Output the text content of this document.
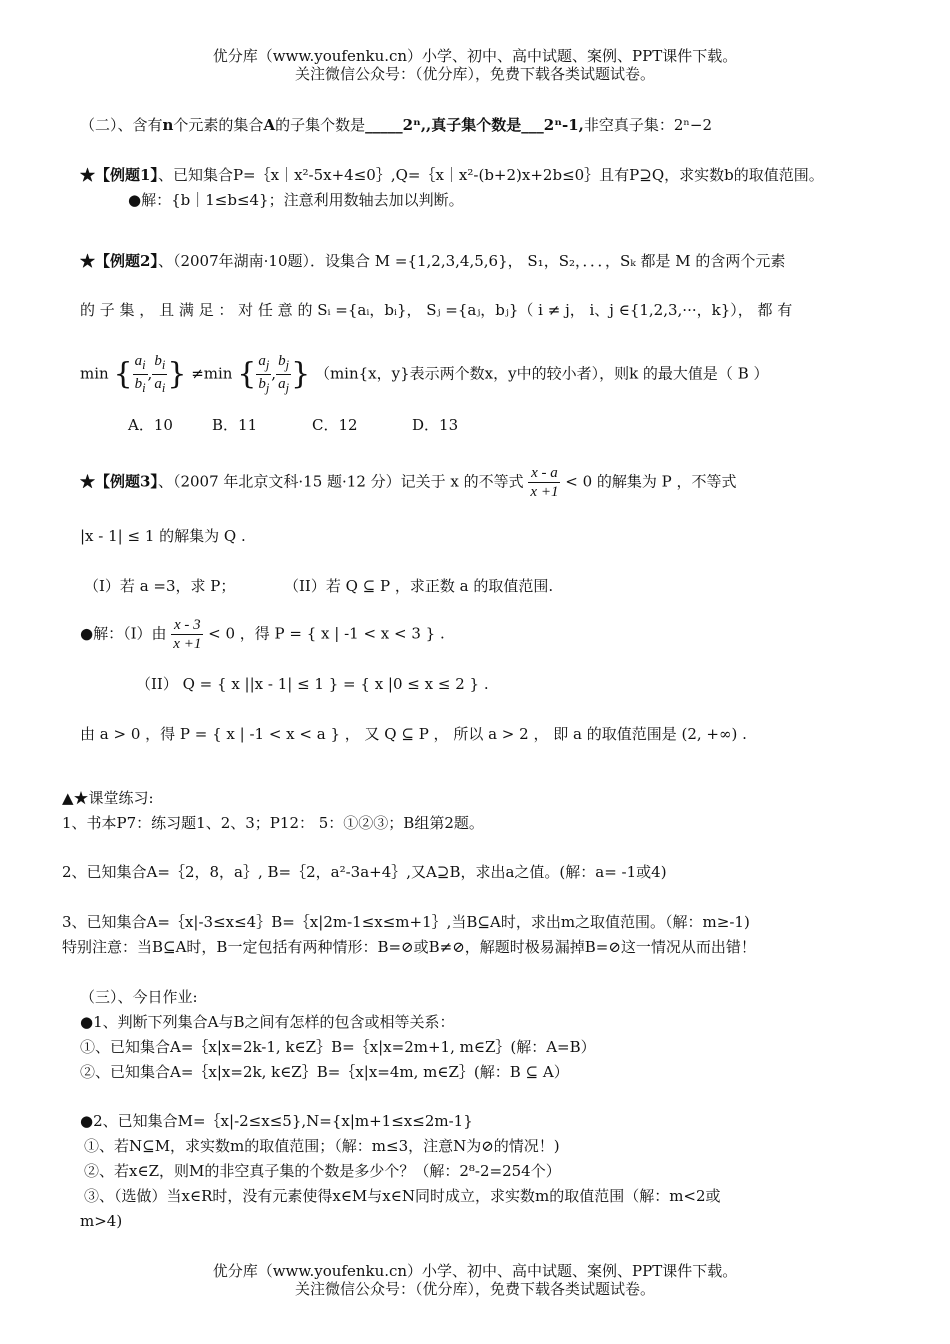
优分库（www.youfenku.cn）小学、初中、高中试题、案例、PPT课件下载。
关注微信公众号：（优分库），免费下载各类试题试卷。
（二）、含有n个元素的集合A的子集个数是_____2ⁿ,,真子集个数是___2ⁿ-1,非空真子集：2ⁿ−2
★【例题1】、已知集合P=｛x｜x²-5x+4≤0｝,Q=｛x｜x²-(b+2)x+2b≤0｝且有P⊇Q，求实数b的取值范围。
●解：{b｜1≤b≤4}；注意利用数轴去加以判断。
★【例题2】、（2007年湖南·10题）．设集合 M ={1,2,3,4,5,6}， S₁，S₂，．．．，Sₖ 都是 M 的含两个元素
的 子 集 ， 且 满 足 ： 对 任 意 的 Sᵢ ={aᵢ，bᵢ}， Sⱼ ={aⱼ，bⱼ}（ i ≠ j， i、j ∈{1,2,3,···，k}）， 都 有
min { $\frac{a_i}{b_i}$ , $\frac{b_i}{a_i}$ } ≠min { $\frac{a_j}{b_j}$ , $\frac{b_j}{a_j}$ } （min{x，y}表示两个数x，y中的较小者），则k 的最大值是（ B ）
A．10	B．11	C．12	D．13
★【例题3】、（2007 年北京文科·15 题·12 分）记关于 x 的不等式 $\frac{x - a}{x +1} < 0$ 的解集为 P ，不等式
|x - 1| ≤ 1 的解集为 Q .
（I）若 a =3，求 P；	（II）若 Q ⊆ P ，求正数 a 的取值范围.
●解：（I）由 $\frac{x - 3}{x +1} < 0$ ，得 P = { x | -1 < x < 3 } .
（II） Q = { x ||x - 1| ≤ 1 } = { x |0 ≤ x ≤ 2 } .
由 a > 0 ，得 P = { x | -1 < x < a } ， 又 Q ⊆ P ， 所以 a > 2 ， 即 a 的取值范围是 (2, +∞) .
▲★课堂练习:
1、书本P7：练习题1、2、3；P12： 5：①②③；B组第2题。
2、已知集合A=｛2，8，a｝, B=｛2，a²-3a+4｝,又A⊇B，求出a之值。(解：a= -1或4)
3、已知集合A=｛x|-3≤x≤4｝B=｛x|2m-1≤x≤m+1｝,当B⊆A时，求出m之取值范围。（解：m≥-1)
特别注意：当B⊆A时，B一定包括有两种情形：B=⊘或B≠⊘，解题时极易漏掉B=⊘这一情况从而出错！
（三）、今日作业:
●1、判断下列集合A与B之间有怎样的包含或相等关系：
①、已知集合A=｛x|x=2k-1, k∈Z｝B=｛x|x=2m+1, m∈Z｝(解：A=B）
②、已知集合A=｛x|x=2k, k∈Z｝B=｛x|x=4m, m∈Z｝(解：B ⊆ A）
●2、已知集合M=｛x|-2≤x≤5},N={x|m+1≤x≤2m-1}
①、若N⊆M，求实数m的取值范围；（解：m≤3，注意N为⊘的情况！)
②、若x∈Z，则M的非空真子集的个数是多少个？（解：2⁸-2=254个）
③、（选做）当x∈R时，没有元素使得x∈M与x∈N同时成立，求实数m的取值范围（解：m<2或
m>4)
优分库（www.youfenku.cn）小学、初中、高中试题、案例、PPT课件下载。
关注微信公众号：（优分库），免费下载各类试题试卷。
